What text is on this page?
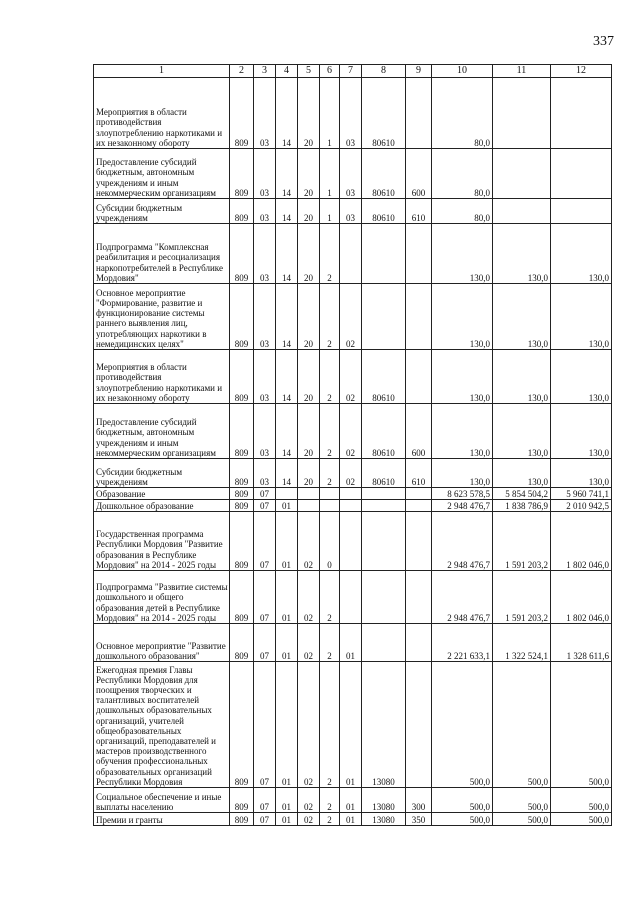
337
1	2	3	4	5	6	7	8	9	10	11	12
Мероприятия в области противодействия злоупотреблению наркотиками и их незаконному обороту	809	03	14	20	1	03	80610		80,0		
Предоставление субсидий бюджетным, автономным учреждениям и иным некоммерческим организациям	809	03	14	20	1	03	80610	600	80,0		
Субсидии бюджетным учреждениям	809	03	14	20	1	03	80610	610	80,0		
Подпрограмма "Комплексная реабилитация и ресоциализация наркопотребителей в Республике Мордовия"	809	03	14	20	2				130,0	130,0	130,0
Основное мероприятие "Формирование, развитие и функционирование системы раннего выявления лиц, употребляющих наркотики в немедицинских целях"	809	03	14	20	2	02			130,0	130,0	130,0
Мероприятия в области противодействия злоупотреблению наркотиками и их незаконному обороту	809	03	14	20	2	02	80610		130,0	130,0	130,0
Предоставление субсидий бюджетным, автономным учреждениям и иным некоммерческим организациям	809	03	14	20	2	02	80610	600	130,0	130,0	130,0
Субсидии бюджетным учреждениям	809	03	14	20	2	02	80610	610	130,0	130,0	130,0
Образование	809	07							8 623 578,5	5 854 504,2	5 960 741,1
Дошкольное образование	809	07	01						2 948 476,7	1 838 786,9	2 010 942,5
Государственная программа Республики Мордовия "Развитие образования в Республике Мордовия" на 2014 - 2025 годы	809	07	01	02	0				2 948 476,7	1 591 203,2	1 802 046,0
Подпрограмма "Развитие системы дошкольного и общего образования детей в Республике Мордовия" на 2014 - 2025 годы	809	07	01	02	2				2 948 476,7	1 591 203,2	1 802 046,0
Основное мероприятие "Развитие дошкольного образования"	809	07	01	02	2	01			2 221 633,1	1 322 524,1	1 328 611,6
Ежегодная премия Главы Республики Мордовия для поощрения творческих и талантливых воспитателей дошкольных образовательных организаций, учителей общеобразовательных организаций, преподавателей и мастеров производственного обучения профессиональных образовательных организаций Республики Мордовия	809	07	01	02	2	01	13080		500,0	500,0	500,0
Социальное обеспечение и иные выплаты населению	809	07	01	02	2	01	13080	300	500,0	500,0	500,0
Премии и гранты	809	07	01	02	2	01	13080	350	500,0	500,0	500,0
